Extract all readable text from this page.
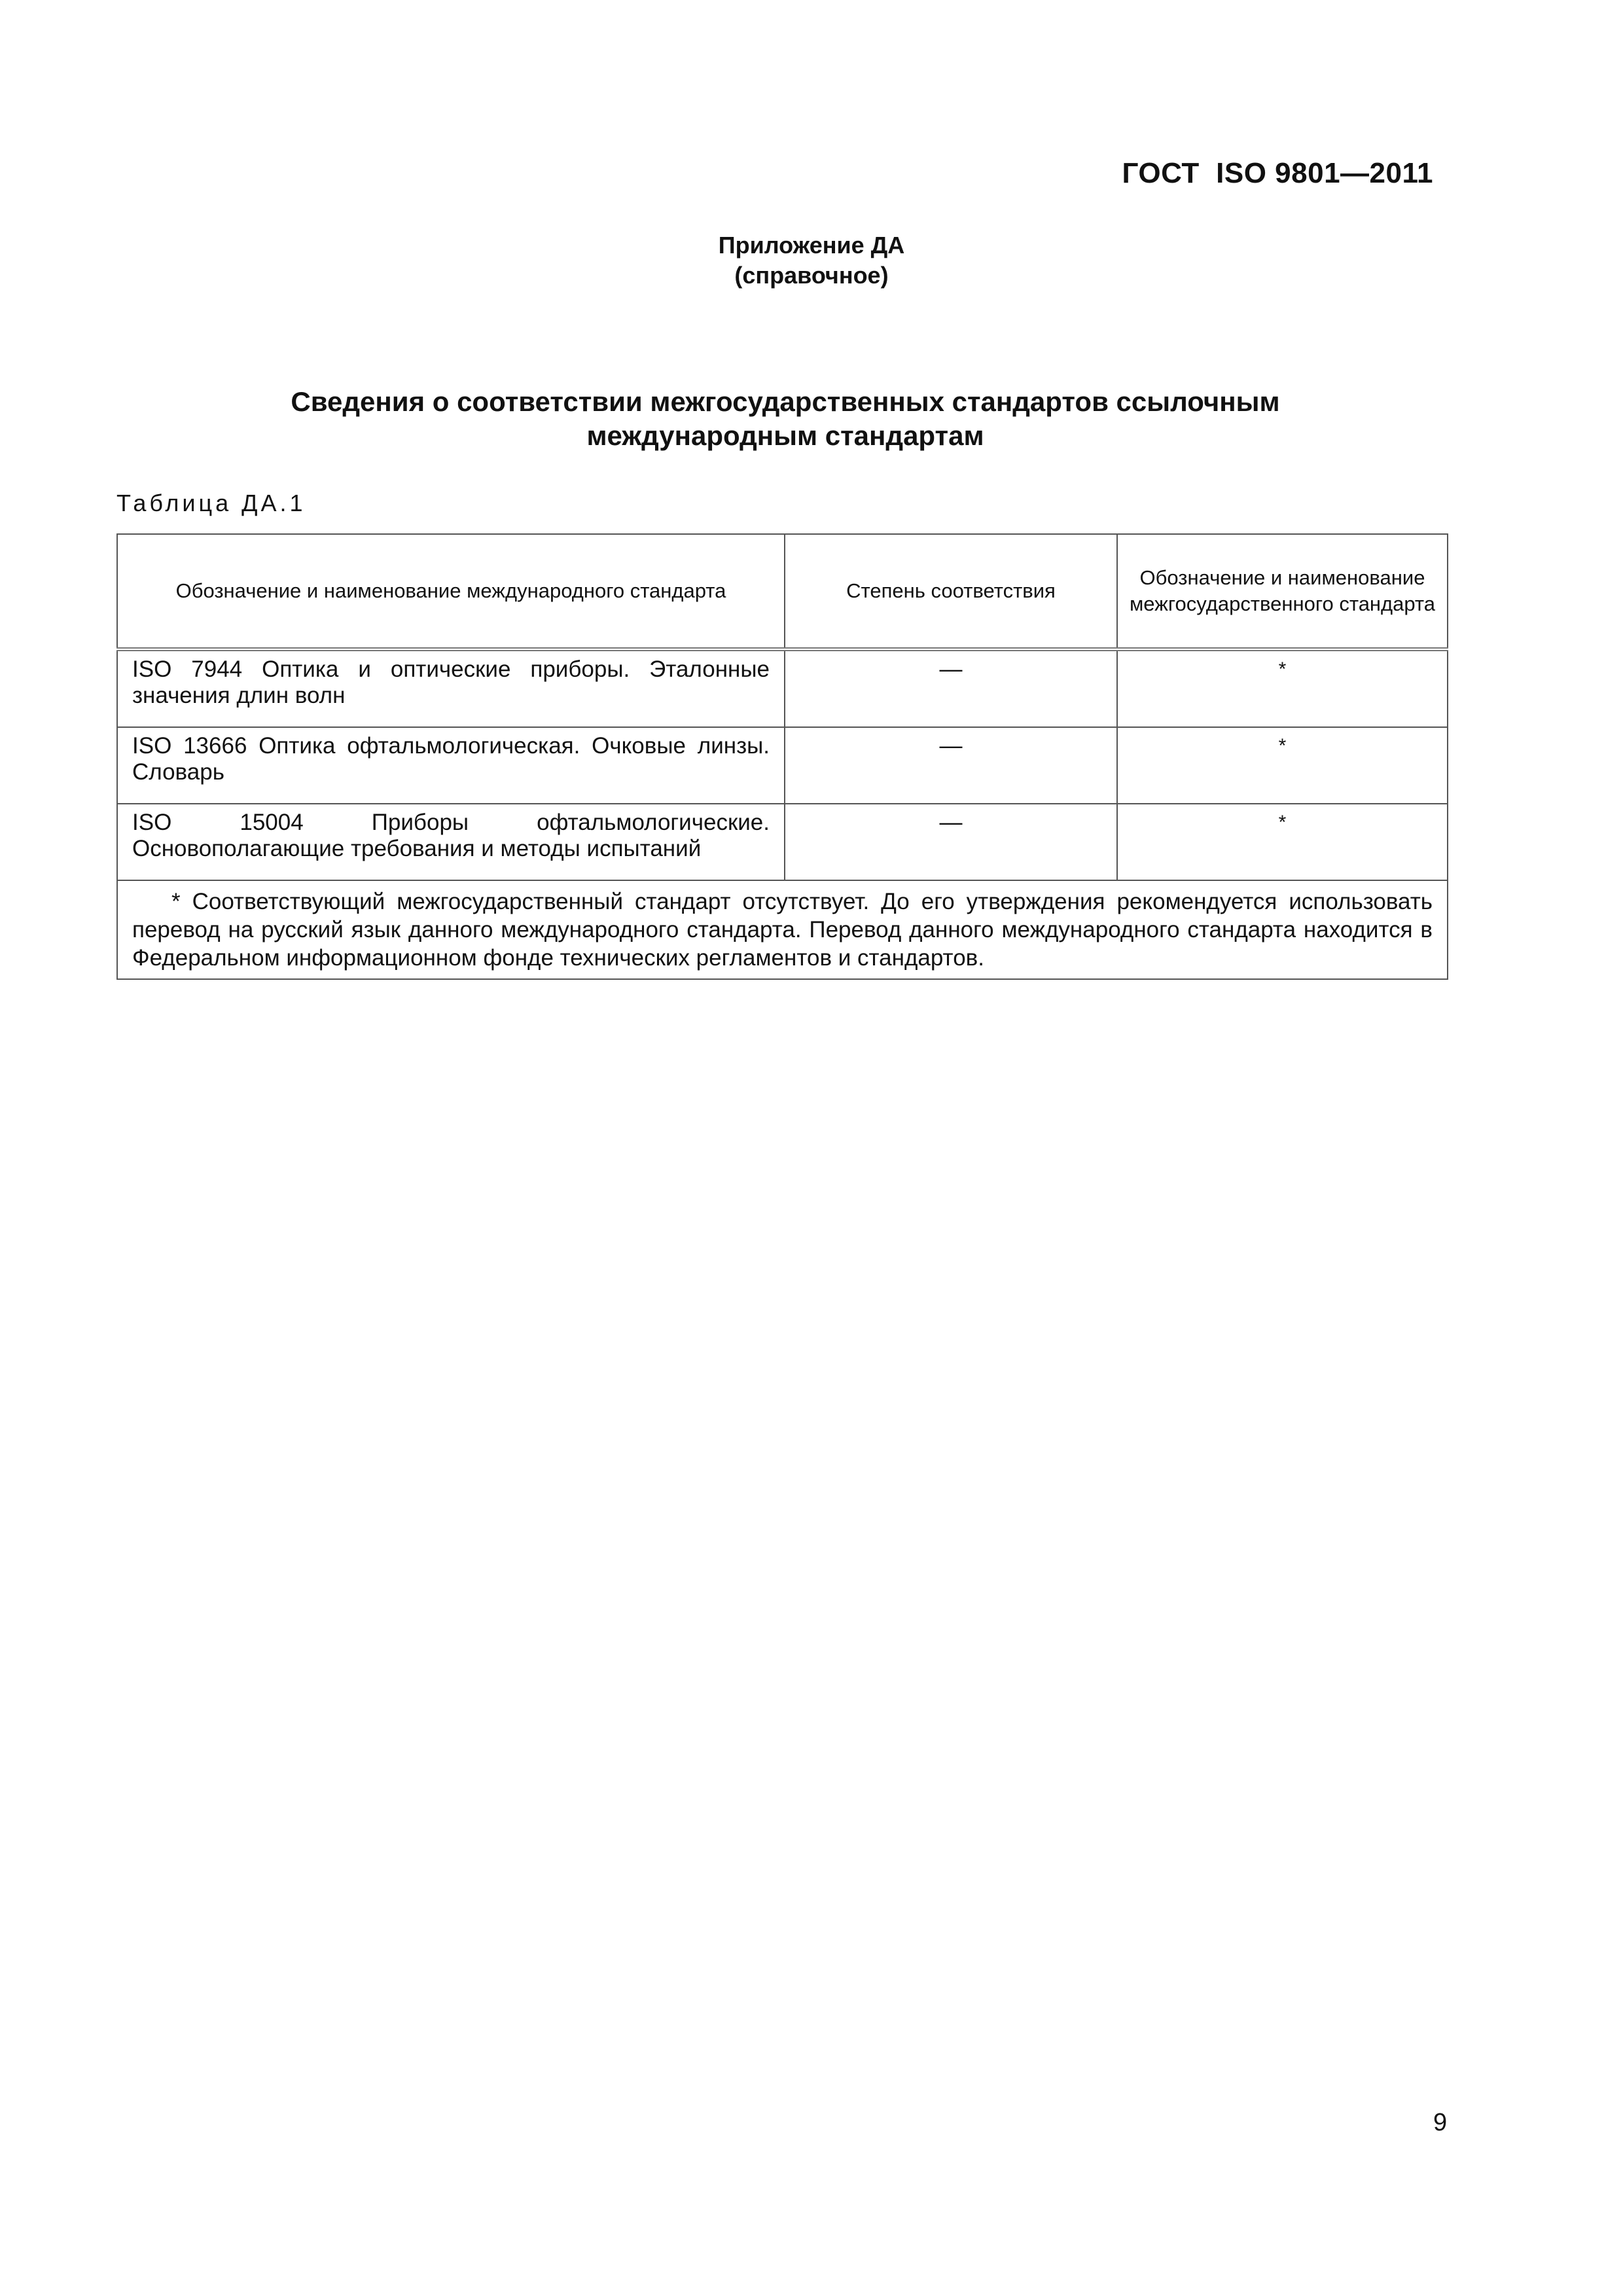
ГОСТ  ISO 9801—2011
Приложение ДА
(справочное)
Сведения о соответствии межгосударственных стандартов ссылочным
международным стандартам
Таблица ДА.1
Обозначение и наименование международного стандарта	Степень соответствия	Обозначение и наименование межгосударственного стандарта
ISO 7944 Оптика и оптические приборы. Эталонные значения длин волн	—	*
ISO 13666 Оптика офтальмологическая. Очковые линзы. Словарь	—	*
ISO 15004 Приборы офтальмологические. Основополагающие требования и методы испытаний	—	*

* Соответствующий межгосударственный стандарт отсутствует. До его утверждения рекомендуется использовать перевод на русский язык данного международного стандарта. Перевод данного международного стандарта находится в Федеральном информационном фонде технических регламентов и стандартов.		
9
